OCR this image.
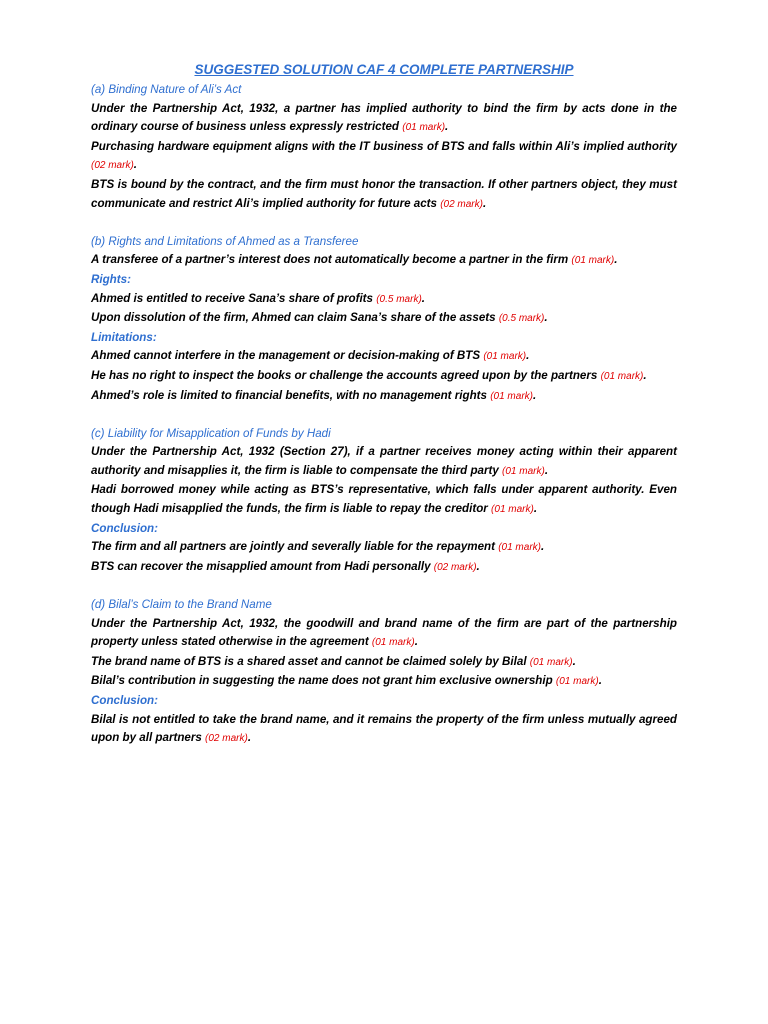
SUGGESTED SOLUTION CAF 4 COMPLETE PARTNERSHIP
(a) Binding Nature of Ali’s Act
Under the Partnership Act, 1932, a partner has implied authority to bind the firm by acts done in the ordinary course of business unless expressly restricted (01 mark).
Purchasing hardware equipment aligns with the IT business of BTS and falls within Ali’s implied authority (02 mark).
BTS is bound by the contract, and the firm must honor the transaction. If other partners object, they must communicate and restrict Ali’s implied authority for future acts (02 mark).
(b) Rights and Limitations of Ahmed as a Transferee
A transferee of a partner’s interest does not automatically become a partner in the firm (01 mark).
Rights:
Ahmed is entitled to receive Sana’s share of profits (0.5 mark).
Upon dissolution of the firm, Ahmed can claim Sana’s share of the assets (0.5 mark).
Limitations:
Ahmed cannot interfere in the management or decision-making of BTS (01 mark).
He has no right to inspect the books or challenge the accounts agreed upon by the partners (01 mark).
Ahmed’s role is limited to financial benefits, with no management rights (01 mark).
(c) Liability for Misapplication of Funds by Hadi
Under the Partnership Act, 1932 (Section 27), if a partner receives money acting within their apparent authority and misapplies it, the firm is liable to compensate the third party (01 mark).
Hadi borrowed money while acting as BTS’s representative, which falls under apparent authority. Even though Hadi misapplied the funds, the firm is liable to repay the creditor (01 mark).
Conclusion:
The firm and all partners are jointly and severally liable for the repayment (01 mark).
BTS can recover the misapplied amount from Hadi personally (02 mark).
(d) Bilal’s Claim to the Brand Name
Under the Partnership Act, 1932, the goodwill and brand name of the firm are part of the partnership property unless stated otherwise in the agreement (01 mark).
The brand name of BTS is a shared asset and cannot be claimed solely by Bilal (01 mark).
Bilal’s contribution in suggesting the name does not grant him exclusive ownership (01 mark).
Conclusion:
Bilal is not entitled to take the brand name, and it remains the property of the firm unless mutually agreed upon by all partners (02 mark).
